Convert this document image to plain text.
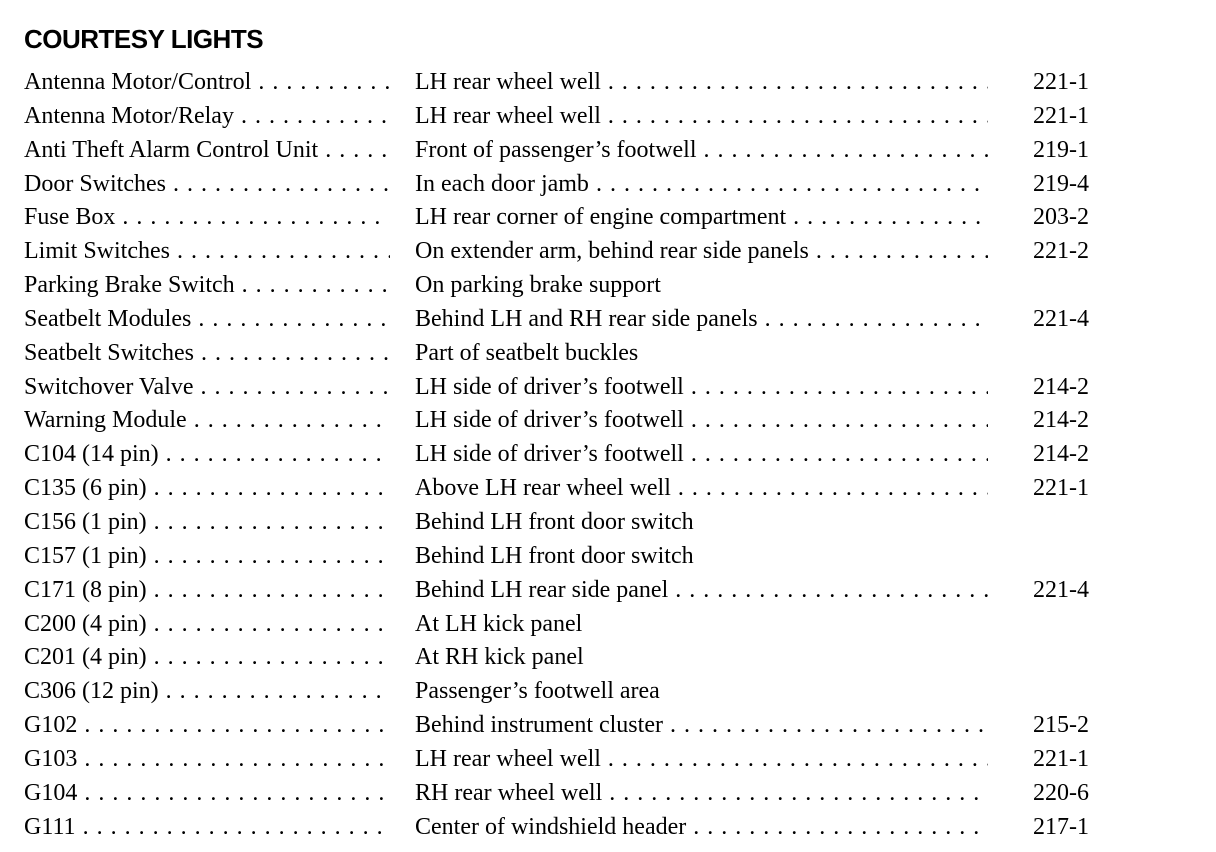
COURTESY LIGHTS
Antenna Motor/Control . . .	LH rear wheel well . . .	221-1
Antenna Motor/Relay . . .	LH rear wheel well . . .	221-1
Anti Theft Alarm Control Unit . . .	Front of passenger’s footwell . . .	219-1
Door Switches . . .	In each door jamb . . .	219-4
Fuse Box . . .	LH rear corner of engine compartment . . .	203-2
Limit Switches . . .	On extender arm, behind rear side panels . . .	221-2
Parking Brake Switch . . .	On parking brake support
Seatbelt Modules . . .	Behind LH and RH rear side panels . . .	221-4
Seatbelt Switches . . .	Part of seatbelt buckles
Switchover Valve . . .	LH side of driver’s footwell . . .	214-2
Warning Module . . .	LH side of driver’s footwell . . .	214-2
C104 (14 pin) . . .	LH side of driver’s footwell . . .	214-2
C135 (6 pin) . . .	Above LH rear wheel well . . .	221-1
C156 (1 pin) . . .	Behind LH front door switch
C157 (1 pin) . . .	Behind LH front door switch
C171 (8 pin) . . .	Behind LH rear side panel . . .	221-4
C200 (4 pin) . . .	At LH kick panel
C201 (4 pin) . . .	At RH kick panel
C306 (12 pin) . . .	Passenger’s footwell area
G102 . . .	Behind instrument cluster . . .	215-2
G103 . . .	LH rear wheel well . . .	221-1
G104 . . .	RH rear wheel well . . .	220-6
G111 . . .	Center of windshield header . . .	217-1
